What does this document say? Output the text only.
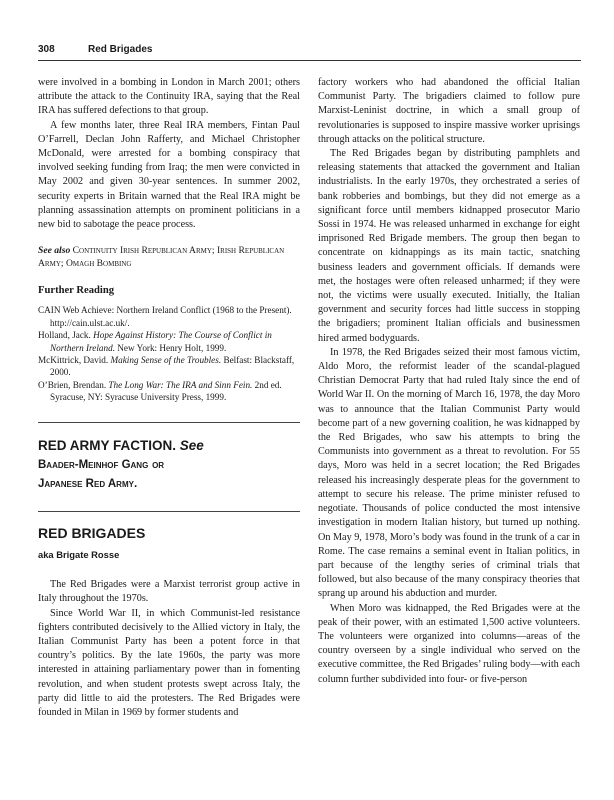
308	Red Brigades

were involved in a bombing in London in March 2001; others attribute the attack to the Continuity IRA, saying that the Real IRA has suffered defections to that group.

A few months later, three Real IRA members, Fintan Paul O’Farrell, Declan John Rafferty, and Michael Christopher McDonald, were arrested for a bombing conspiracy that involved seeking funding from Iraq; the men were convicted in May 2002 and given 30-year sentences. In summer 2002, security experts in Britain warned that the Real IRA might be planning assassination attempts on prominent politicians in a new bid to sabotage the peace process.

See also Continuity Irish Republican Army; Irish Republican Army; Omagh Bombing
Further Reading

CAIN Web Achieve: Northern Ireland Conflict (1968 to the Present). http://cain.ulst.ac.uk/.

Holland, Jack. Hope Against History: The Course of Conflict in Northern Ireland. New York: Henry Holt, 1999.

McKittrick, David. Making Sense of the Troubles. Belfast: Blackstaff, 2000.

O’Brien, Brendan. The Long War: The IRA and Sinn Fein. 2nd ed. Syracuse, NY: Syracuse University Press, 1999.

RED ARMY FACTION. See
Baader-Meinhof Gang or
Japanese Red Army.
RED BRIGADES
aka Brigate Rosse

The Red Brigades were a Marxist terrorist group active in Italy throughout the 1970s.

Since World War II, in which Communist-led resistance fighters contributed decisively to the Allied victory in Italy, the Italian Communist Party has been a potent force in that country’s politics. By the late 1960s, the party was more interested in attaining parliamentary power than in fomenting revolution, and when student protests swept across Italy, the party did little to aid the protesters. The Red Brigades were founded in Milan in 1969 by former students and

factory workers who had abandoned the official Italian Communist Party. The brigadiers claimed to follow pure Marxist-Leninist doctrine, in which a small group of revolutionaries is supposed to inspire massive worker uprisings through attacks on the political structure.

The Red Brigades began by distributing pamphlets and releasing statements that attacked the government and Italian industrialists. In the early 1970s, they orchestrated a series of bank robberies and bombings, but they did not emerge as a significant force until members kidnapped prosecutor Mario Sossi in 1974. He was released unharmed in exchange for eight imprisoned Red Brigade members. The group then began to concentrate on kidnappings as its main tactic, snatching business leaders and government officials. If demands were met, the hostages were often released unharmed; if they were not, the victims were usually executed. Initially, the Italian government and security forces had little success in stopping the brigadiers; prominent Italian officials and businessmen hired armed bodyguards.

In 1978, the Red Brigades seized their most famous victim, Aldo Moro, the reformist leader of the scandal-plagued Christian Democrat Party that had ruled Italy since the end of World War II. On the morning of March 16, 1978, the day Moro was to announce that the Italian Communist Party would become part of a new governing coalition, he was kidnapped by the Red Brigades, who saw his attempts to bring the Communists into government as a threat to revolution. For 55 days, Moro was held in a secret location; the Red Brigades released his increasingly desperate pleas for the government to attempt to secure his release. The prime minister refused to negotiate. Thousands of police conducted the most intensive investigation in modern Italian history, but turned up nothing. On May 9, 1978, Moro’s body was found in the trunk of a car in Rome. The case remains a seminal event in Italian politics, in part because of the lengthy series of criminal trials that followed, but also because of the many conspiracy theories that sprang up around his abduction and murder.

When Moro was kidnapped, the Red Brigades were at the peak of their power, with an estimated 1,500 active volunteers. The volunteers were organized into columns—areas of the country overseen by a single individual who served on the executive committee, the Red Brigades’ ruling body—with each column further subdivided into four- or five-person
